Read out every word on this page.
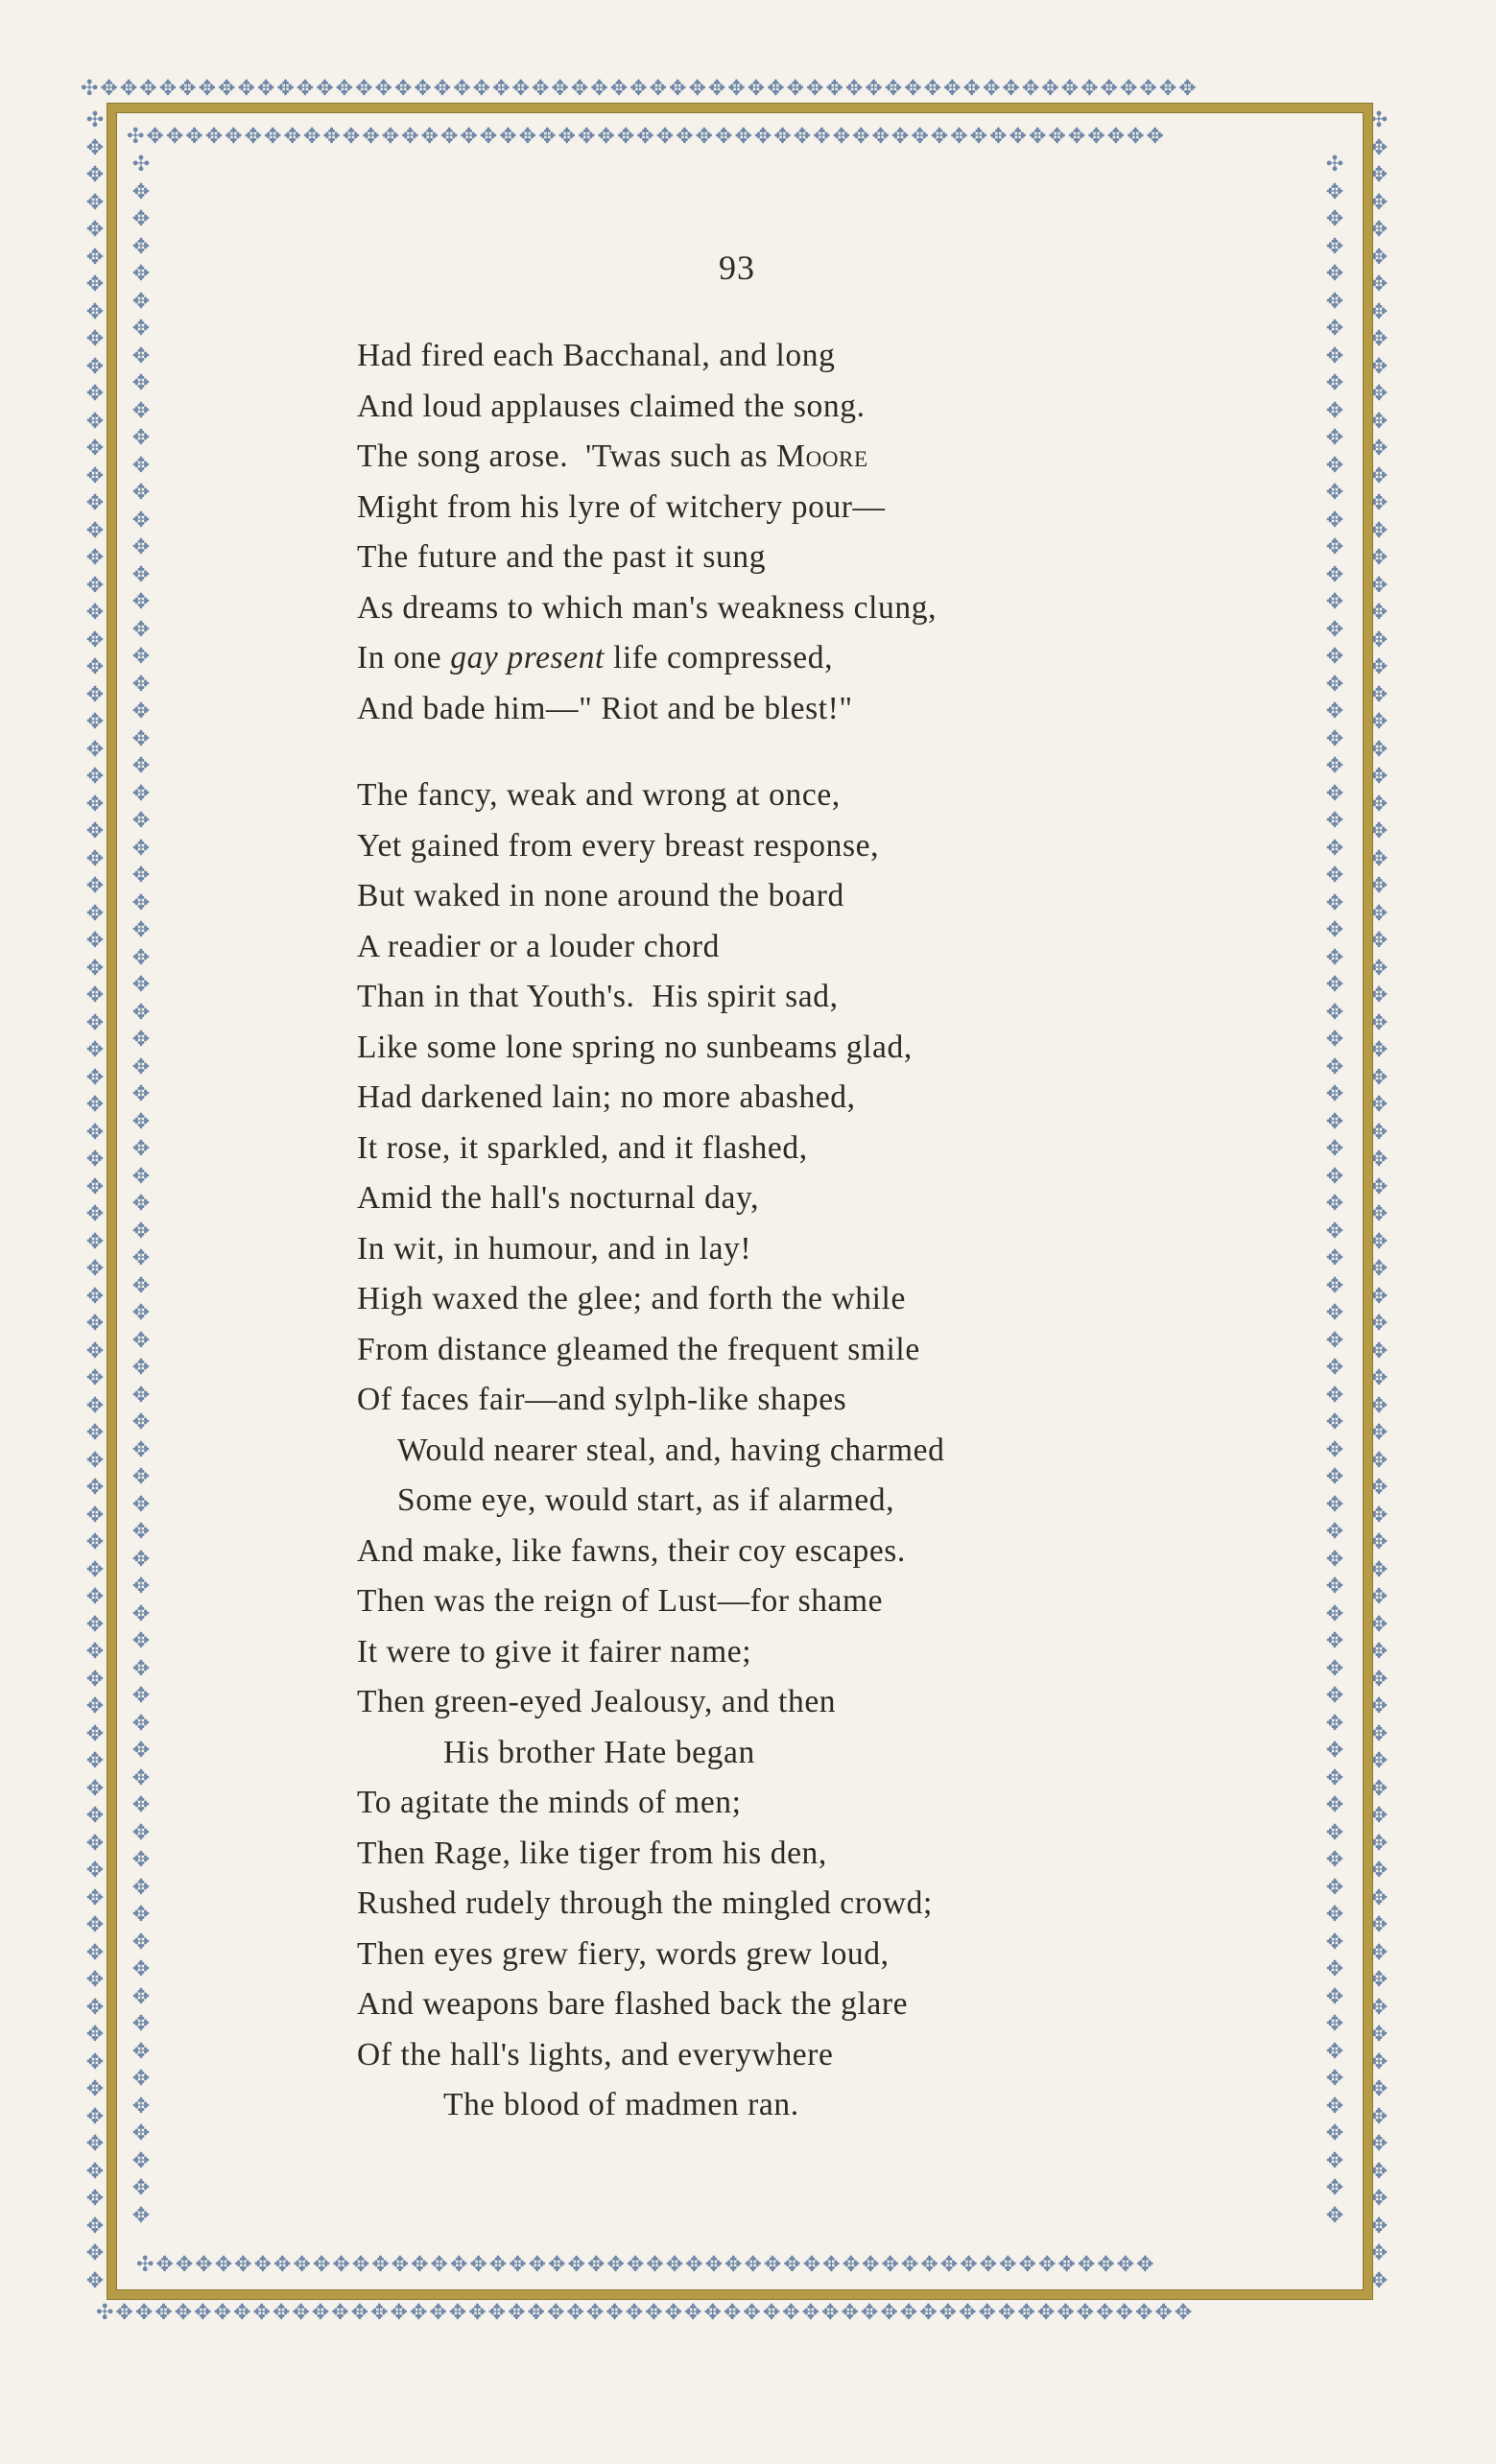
✣✥✥✥✥✥✥✥✥✥✥✥✥✥✥✥✥✥✥✥✥✥✥✥✥✥✥✥✥✥✥✥✥✥✥✥✥✥✥✥✥✥✥✥✥✥✥✥✥✥✥✥✥✥✥✥✥
✣✥✥✥✥✥✥✥✥✥✥✥✥✥✥✥✥✥✥✥✥✥✥✥✥✥✥✥✥✥✥✥✥✥✥✥✥✥✥✥✥✥✥✥✥✥✥✥✥✥✥✥✥✥✥✥
✣✥✥✥✥✥✥✥✥✥✥✥✥✥✥✥✥✥✥✥✥✥✥✥✥✥✥✥✥✥✥✥✥✥✥✥✥✥✥✥✥✥✥✥✥✥✥✥✥✥✥✥✥✥✥✥✥✥✥✥✥✥✥✥✥✥✥✥✥✥✥✥✥✥✥✥✥✥✥✥
✣✥✥✥✥✥✥✥✥✥✥✥✥✥✥✥✥✥✥✥✥✥✥✥✥✥✥✥✥✥✥✥✥✥✥✥✥✥✥✥✥✥✥✥✥✥✥✥✥✥✥✥✥✥✥✥✥✥✥✥✥✥✥✥✥✥✥✥✥✥✥✥✥✥✥✥✥✥✥✥
✣✥✥✥✥✥✥✥✥✥✥✥✥✥✥✥✥✥✥✥✥✥✥✥✥✥✥✥✥✥✥✥✥✥✥✥✥✥✥✥✥✥✥✥✥✥✥✥✥✥✥✥✥
✣✥✥✥✥✥✥✥✥✥✥✥✥✥✥✥✥✥✥✥✥✥✥✥✥✥✥✥✥✥✥✥✥✥✥✥✥✥✥✥✥✥✥✥✥✥✥✥✥✥✥✥
✣✥✥✥✥✥✥✥✥✥✥✥✥✥✥✥✥✥✥✥✥✥✥✥✥✥✥✥✥✥✥✥✥✥✥✥✥✥✥✥✥✥✥✥✥✥✥✥✥✥✥✥✥✥✥✥✥✥✥✥✥✥✥✥✥✥✥✥✥✥✥✥✥✥✥✥
✣✥✥✥✥✥✥✥✥✥✥✥✥✥✥✥✥✥✥✥✥✥✥✥✥✥✥✥✥✥✥✥✥✥✥✥✥✥✥✥✥✥✥✥✥✥✥✥✥✥✥✥✥✥✥✥✥✥✥✥✥✥✥✥✥✥✥✥✥✥✥✥✥✥✥✥
93
Had fired each Bacchanal, and long
And loud applauses claimed the song.
The song arose.  'Twas such as Moore
Might from his lyre of witchery pour—
The future and the past it sung
As dreams to which man's weakness clung,
In one gay present life compressed,
And bade him—" Riot and be blest!"
The fancy, weak and wrong at once,
Yet gained from every breast response,
But waked in none around the board
A readier or a louder chord
Than in that Youth's.  His spirit sad,
Like some lone spring no sunbeams glad,
Had darkened lain; no more abashed,
It rose, it sparkled, and it flashed,
Amid the hall's nocturnal day,
In wit, in humour, and in lay!
High waxed the glee; and forth the while
From distance gleamed the frequent smile
Of faces fair—and sylph-like shapes
Would nearer steal, and, having charmed
Some eye, would start, as if alarmed,
And make, like fawns, their coy escapes.
Then was the reign of Lust—for shame
It were to give it fairer name;
Then green-eyed Jealousy, and then
His brother Hate began
To agitate the minds of men;
Then Rage, like tiger from his den,
Rushed rudely through the mingled crowd;
Then eyes grew fiery, words grew loud,
And weapons bare flashed back the glare
Of the hall's lights, and everywhere
The blood of madmen ran.
